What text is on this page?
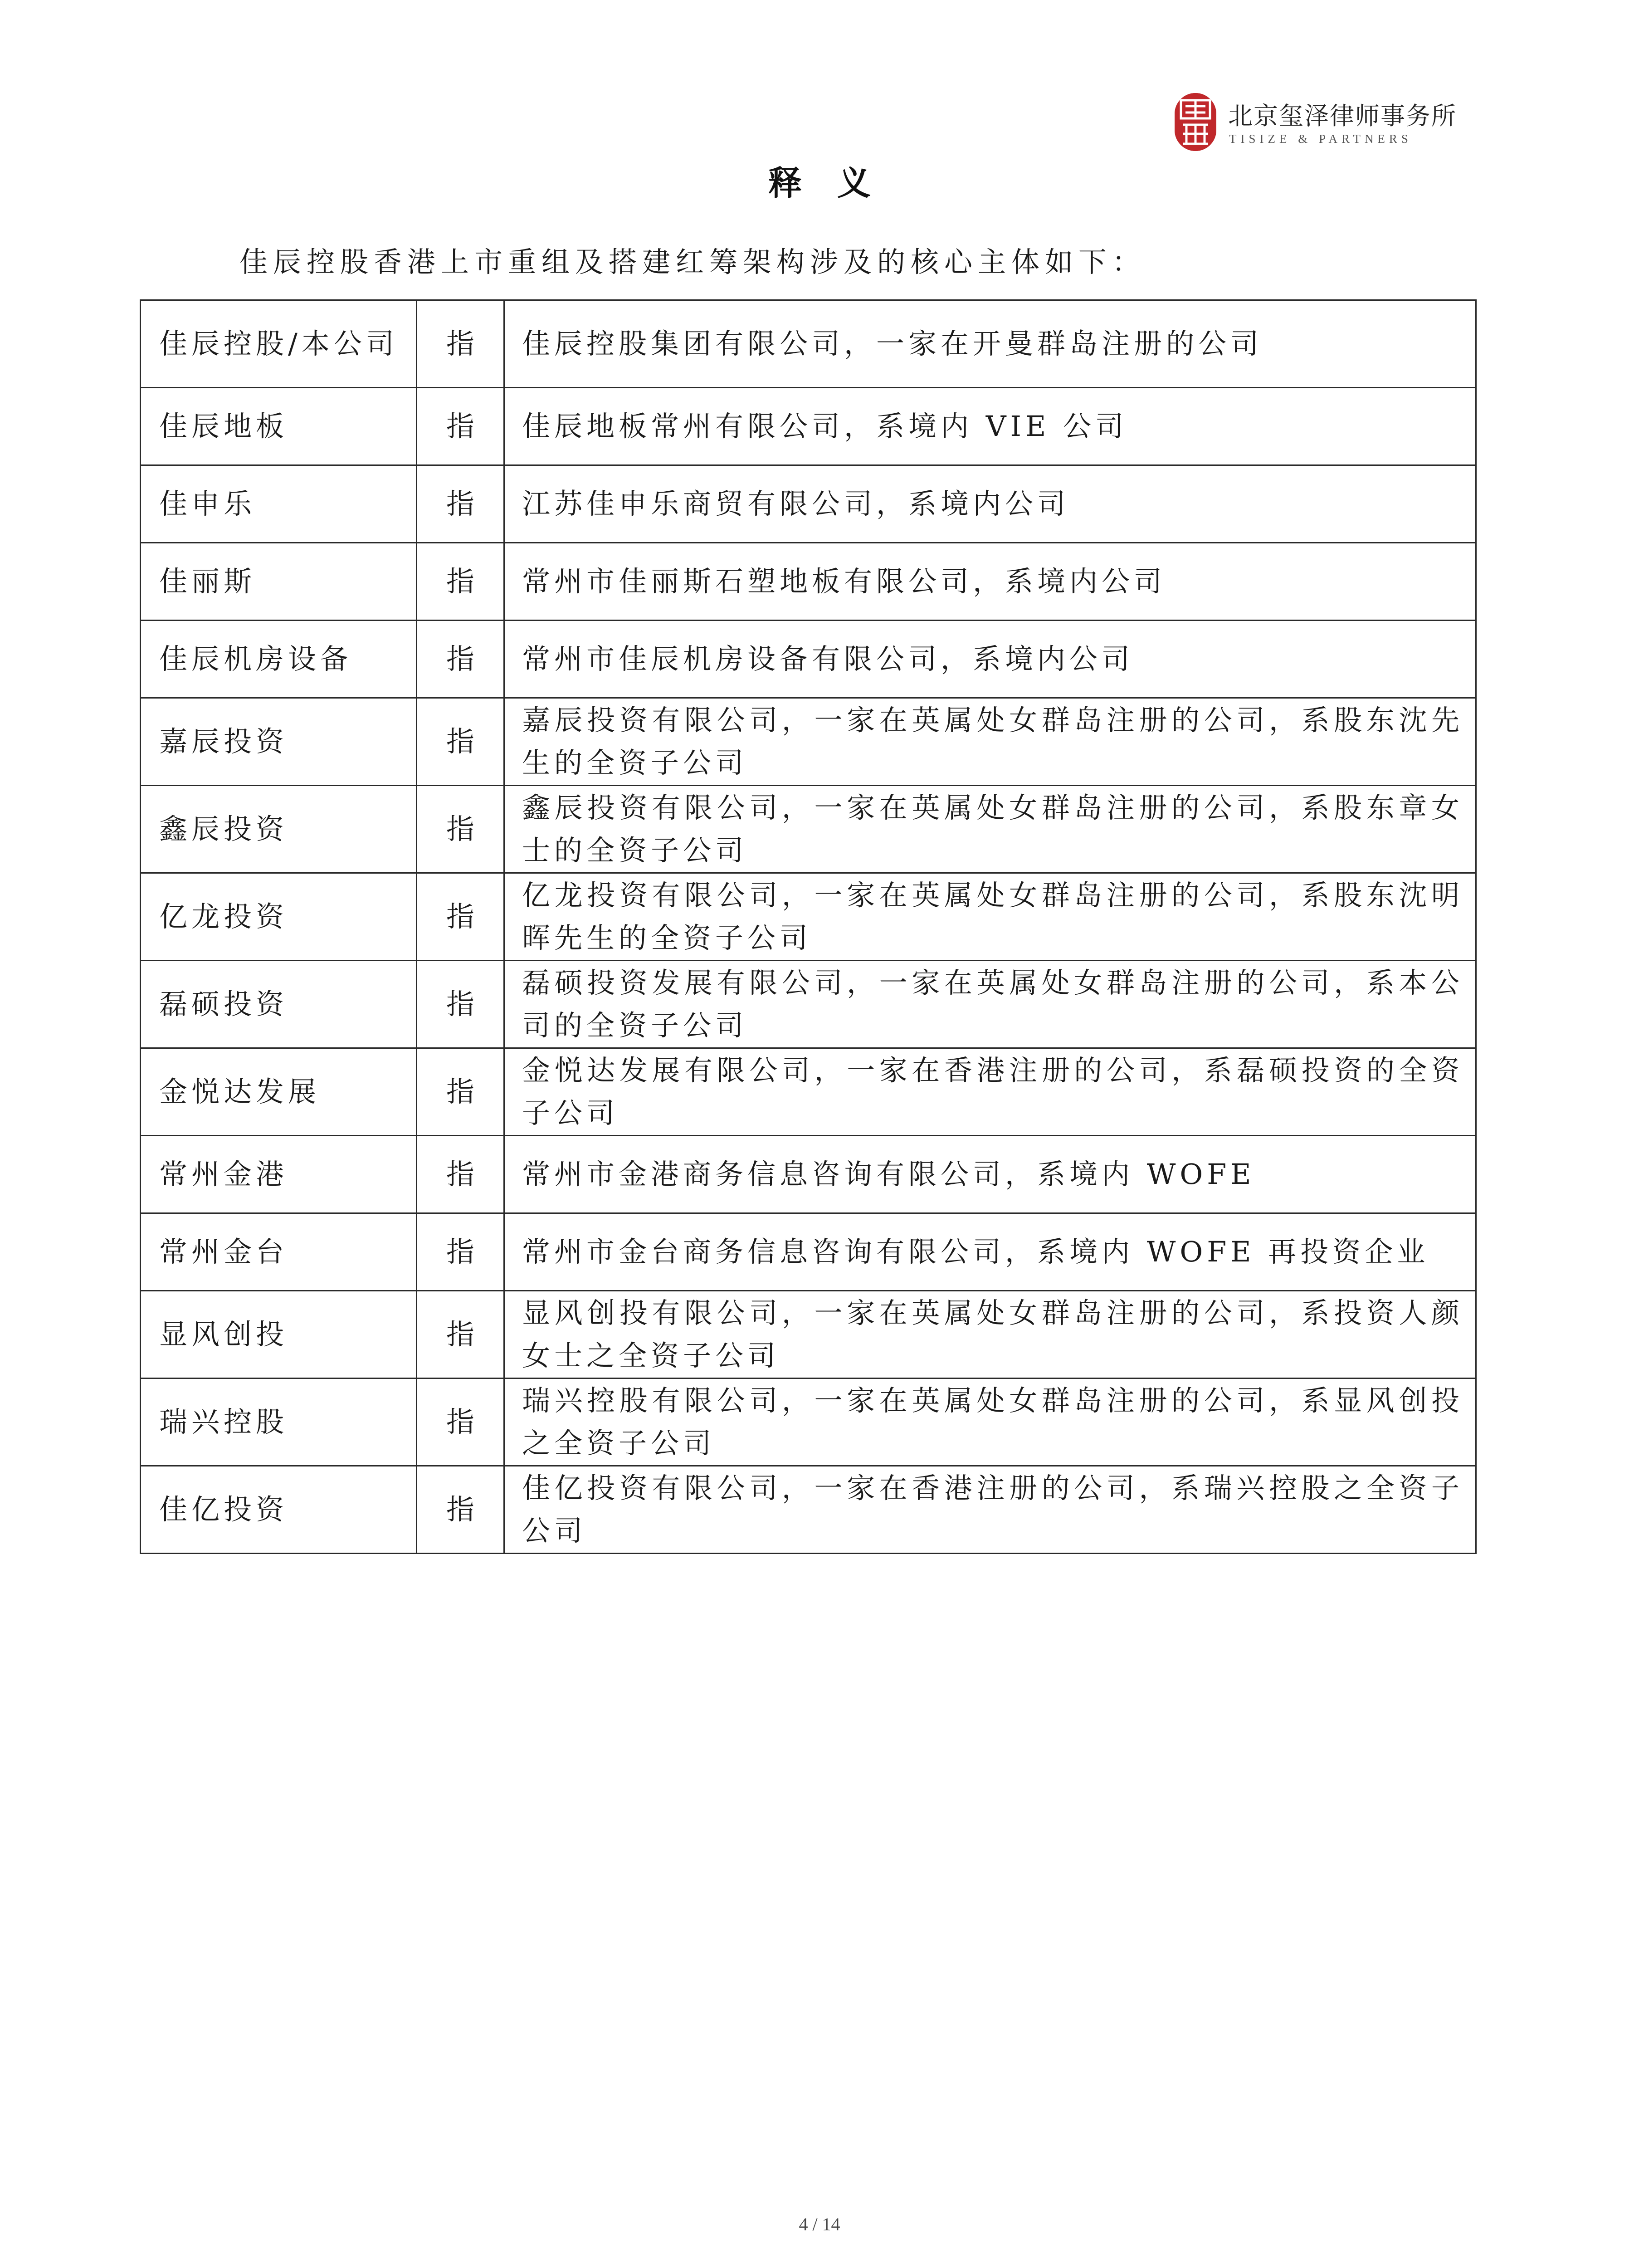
北京玺泽律师事务所
TISIZE & PARTNERS
释义
佳辰控股香港上市重组及搭建红筹架构涉及的核心主体如下：
佳辰控股/本公司	指	佳辰控股集团有限公司，一家在开曼群岛注册的公司
佳辰地板	指	佳辰地板常州有限公司，系境内 VIE 公司
佳申乐	指	江苏佳申乐商贸有限公司，系境内公司
佳丽斯	指	常州市佳丽斯石塑地板有限公司，系境内公司
佳辰机房设备	指	常州市佳辰机房设备有限公司，系境内公司
嘉辰投资	指	嘉辰投资有限公司，一家在英属处女群岛注册的公司，系股东沈先生的全资子公司
鑫辰投资	指	鑫辰投资有限公司，一家在英属处女群岛注册的公司，系股东章女士的全资子公司
亿龙投资	指	亿龙投资有限公司，一家在英属处女群岛注册的公司，系股东沈明晖先生的全资子公司
磊硕投资	指	磊硕投资发展有限公司，一家在英属处女群岛注册的公司，系本公司的全资子公司
金悦达发展	指	金悦达发展有限公司，一家在香港注册的公司，系磊硕投资的全资子公司
常州金港	指	常州市金港商务信息咨询有限公司，系境内 WOFE
常州金台	指	常州市金台商务信息咨询有限公司，系境内 WOFE 再投资企业
显风创投	指	显风创投有限公司，一家在英属处女群岛注册的公司，系投资人颜女士之全资子公司
瑞兴控股	指	瑞兴控股有限公司，一家在英属处女群岛注册的公司，系显风创投之全资子公司
佳亿投资	指	佳亿投资有限公司，一家在香港注册的公司，系瑞兴控股之全资子公司
4 / 14
